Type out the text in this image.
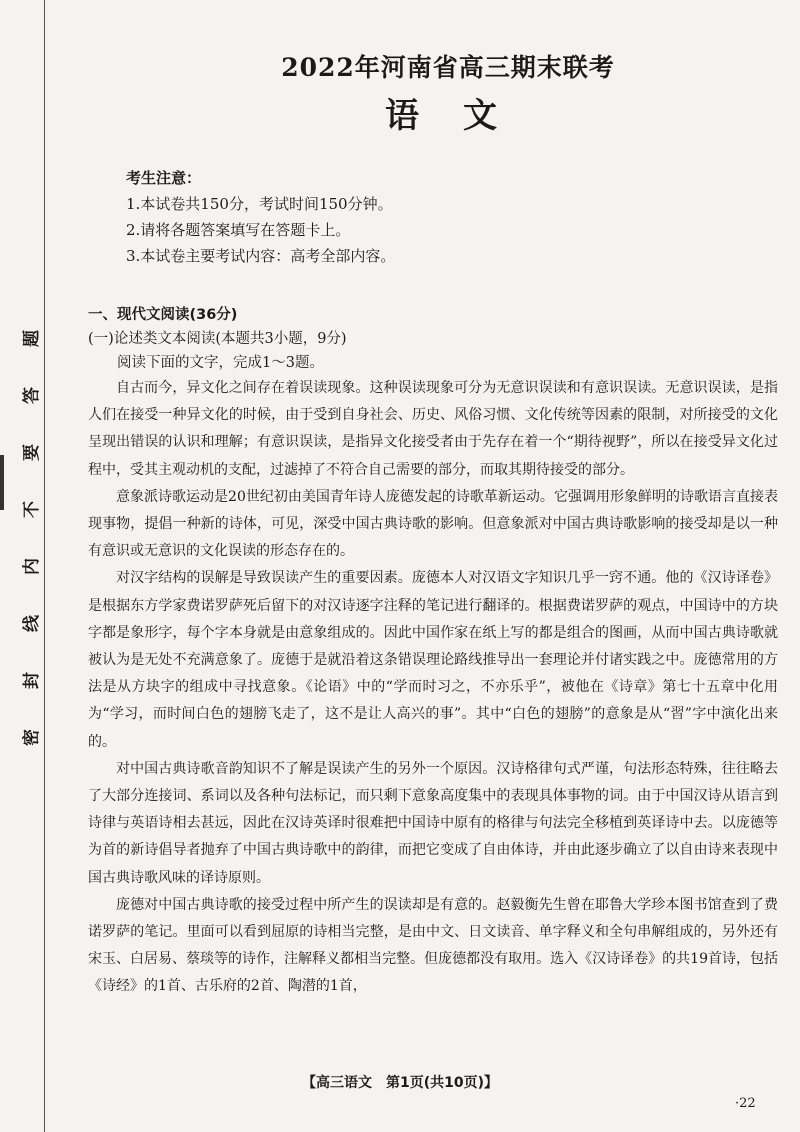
题
答
要
不
内
线
封
密
2022年河南省高三期末联考
语文
考生注意：
1.本试卷共150分，考试时间150分钟。
2.请将各题答案填写在答题卡上。
3.本试卷主要考试内容：高考全部内容。
一、现代文阅读(36分)
(一)论述类文本阅读(本题共3小题，9分)
阅读下面的文字，完成1～3题。

自古而今，异文化之间存在着误读现象。这种误读现象可分为无意识误读和有意识误读。无意识误读，是指人们在接受一种异文化的时候，由于受到自身社会、历史、风俗习惯、文化传统等因素的限制，对所接受的文化呈现出错误的认识和理解；有意识误读，是指异文化接受者由于先存在着一个“期待视野”，所以在接受异文化过程中，受其主观动机的支配，过滤掉了不符合自己需要的部分，而取其期待接受的部分。

意象派诗歌运动是20世纪初由美国青年诗人庞德发起的诗歌革新运动。它强调用形象鲜明的诗歌语言直接表现事物，提倡一种新的诗体，可见，深受中国古典诗歌的影响。但意象派对中国古典诗歌影响的接受却是以一种有意识或无意识的文化误读的形态存在的。

对汉字结构的误解是导致误读产生的重要因素。庞德本人对汉语文字知识几乎一窍不通。他的《汉诗译卷》是根据东方学家费诺罗萨死后留下的对汉诗逐字注释的笔记进行翻译的。根据费诺罗萨的观点，中国诗中的方块字都是象形字，每个字本身就是由意象组成的。因此中国作家在纸上写的都是组合的图画，从而中国古典诗歌就被认为是无处不充满意象了。庞德于是就沿着这条错误理论路线推导出一套理论并付诸实践之中。庞德常用的方法是从方块字的组成中寻找意象。《论语》中的“学而时习之，不亦乐乎”，被他在《诗章》第七十五章中化用为“学习，而时间白色的翅膀飞走了，这不是让人高兴的事”。其中“白色的翅膀”的意象是从“習”字中演化出来的。

对中国古典诗歌音韵知识不了解是误读产生的另外一个原因。汉诗格律句式严谨，句法形态特殊，往往略去了大部分连接词、系词以及各种句法标记，而只剩下意象高度集中的表现具体事物的词。由于中国汉诗从语言到诗律与英语诗相去甚远，因此在汉诗英译时很难把中国诗中原有的格律与句法完全移植到英译诗中去。以庞德等为首的新诗倡导者抛弃了中国古典诗歌中的韵律，而把它变成了自由体诗，并由此逐步确立了以自由诗来表现中国古典诗歌风味的译诗原则。

庞德对中国古典诗歌的接受过程中所产生的误读却是有意的。赵毅衡先生曾在耶鲁大学珍本图书馆查到了费诺罗萨的笔记。里面可以看到屈原的诗相当完整，是由中文、日文读音、单字释义和全句串解组成的，另外还有宋玉、白居易、蔡琰等的诗作，注解释义都相当完整。但庞德都没有取用。选入《汉诗译卷》的共19首诗，包括《诗经》的1首、古乐府的2首、陶潜的1首，

【高三语文　第1页(共10页)】
·22
